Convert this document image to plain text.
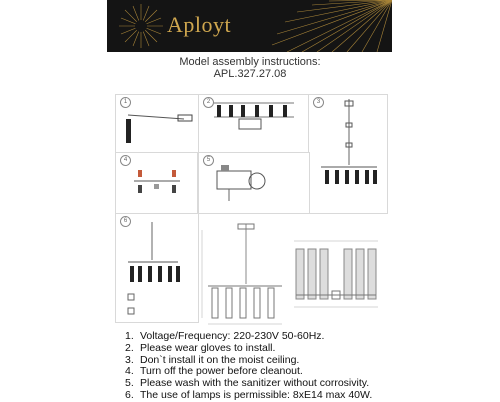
Aployt
Model assembly instructions:
APL.327.27.08
1	2	3
4	5
6
1. Voltage/Frequency: 220-230V 50-60Hz.
2. Please wear gloves to install.
3. Don`t install it on the moist ceiling.
4. Turn off the power before cleanout.
5. Please wash with the sanitizer without corrosivity.
6. The use of lamps is permissible: 8xE14 max 40W.
